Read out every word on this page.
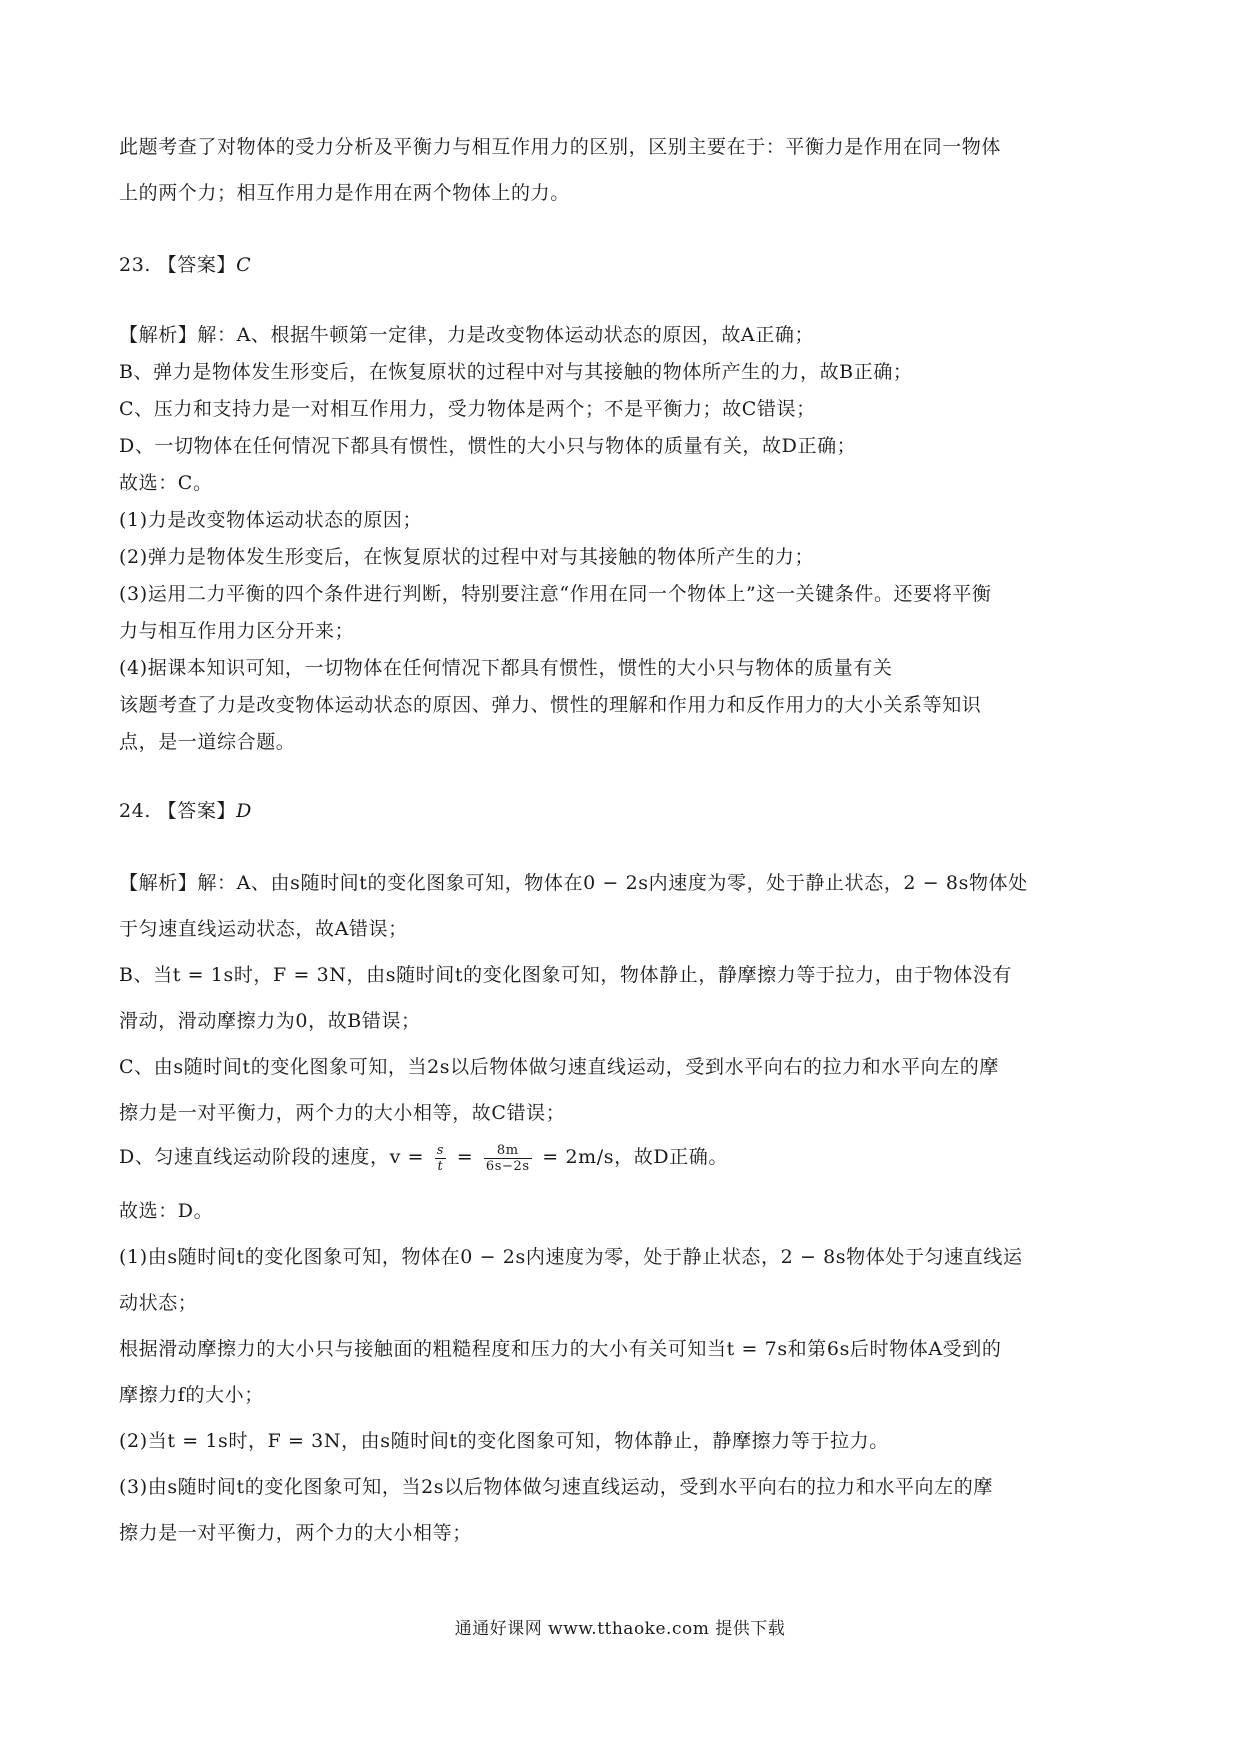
此题考查了对物体的受力分析及平衡力与相互作用力的区别，区别主要在于：平衡力是作用在同一物体
上的两个力；相互作用力是作用在两个物体上的力。
23. 【答案】C
【解析】解：A、根据牛顿第一定律，力是改变物体运动状态的原因，故A正确；
B、弹力是物体发生形变后，在恢复原状的过程中对与其接触的物体所产生的力，故B正确；
C、压力和支持力是一对相互作用力，受力物体是两个；不是平衡力；故C错误；
D、一切物体在任何情况下都具有惯性，惯性的大小只与物体的质量有关，故D正确；
故选：C。
(1)力是改变物体运动状态的原因；
(2)弹力是物体发生形变后，在恢复原状的过程中对与其接触的物体所产生的力；
(3)运用二力平衡的四个条件进行判断，特别要注意“作用在同一个物体上”这一关键条件。还要将平衡
力与相互作用力区分开来；
(4)据课本知识可知，一切物体在任何情况下都具有惯性，惯性的大小只与物体的质量有关
该题考查了力是改变物体运动状态的原因、弹力、惯性的理解和作用力和反作用力的大小关系等知识
点，是一道综合题。
24. 【答案】D
【解析】解：A、由s随时间t的变化图象可知，物体在0 − 2s内速度为零，处于静止状态，2 − 8s物体处
于匀速直线运动状态，故A错误；
B、当t = 1s时，F = 3N，由s随时间t的变化图象可知，物体静止，静摩擦力等于拉力，由于物体没有
滑动，滑动摩擦力为0，故B错误；
C、由s随时间t的变化图象可知，当2s以后物体做匀速直线运动，受到水平向右的拉力和水平向左的摩
擦力是一对平衡力，两个力的大小相等，故C错误；
D、匀速直线运动阶段的速度，$v = \frac{s}{t} = \frac{8m}{6s-2s} = 2m/s$，故D正确。
故选：D。
(1)由s随时间t的变化图象可知，物体在0 − 2s内速度为零，处于静止状态，2 − 8s物体处于匀速直线运
动状态；
根据滑动摩擦力的大小只与接触面的粗糙程度和压力的大小有关可知当t = 7s和第6s后时物体A受到的
摩擦力f的大小；
(2)当t = 1s时，F = 3N，由s随时间t的变化图象可知，物体静止，静摩擦力等于拉力。
(3)由s随时间t的变化图象可知，当2s以后物体做匀速直线运动，受到水平向右的拉力和水平向左的摩
擦力是一对平衡力，两个力的大小相等；
通通好课网 www.tthaoke.com 提供下载
